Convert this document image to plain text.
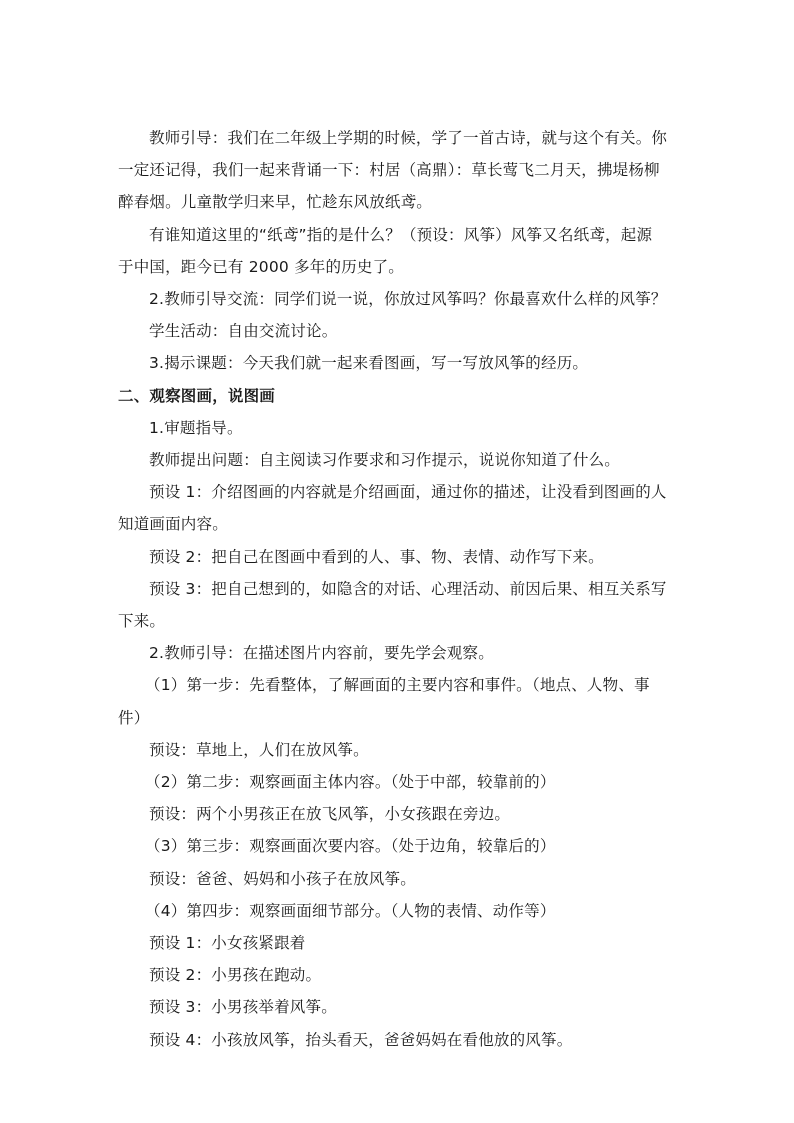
教师引导：我们在二年级上学期的时候，学了一首古诗，就与这个有关。你
一定还记得，我们一起来背诵一下：村居（高鼎）：草长莺飞二月天，拂堤杨柳
醉春烟。儿童散学归来早，忙趁东风放纸鸢。
有谁知道这里的“纸鸢”指的是什么？（预设：风筝）风筝又名纸鸢，起源
于中国，距今已有 2000 多年的历史了。
2.教师引导交流：同学们说一说，你放过风筝吗？你最喜欢什么样的风筝？
学生活动：自由交流讨论。
3.揭示课题：今天我们就一起来看图画，写一写放风筝的经历。
二、观察图画，说图画
1.审题指导。
教师提出问题：自主阅读习作要求和习作提示，说说你知道了什么。
预设 1：介绍图画的内容就是介绍画面，通过你的描述，让没看到图画的人
知道画面内容。
预设 2：把自己在图画中看到的人、事、物、表情、动作写下来。
预设 3：把自己想到的，如隐含的对话、心理活动、前因后果、相互关系写
下来。
2.教师引导：在描述图片内容前，要先学会观察。
（1）第一步：先看整体，了解画面的主要内容和事件。（地点、人物、事
件）
预设：草地上，人们在放风筝。
（2）第二步：观察画面主体内容。（处于中部，较靠前的）
预设：两个小男孩正在放飞风筝，小女孩跟在旁边。
（3）第三步：观察画面次要内容。（处于边角，较靠后的）
预设：爸爸、妈妈和小孩子在放风筝。
（4）第四步：观察画面细节部分。（人物的表情、动作等）
预设 1：小女孩紧跟着
预设 2：小男孩在跑动。
预设 3：小男孩举着风筝。
预设 4：小孩放风筝，抬头看天，爸爸妈妈在看他放的风筝。
